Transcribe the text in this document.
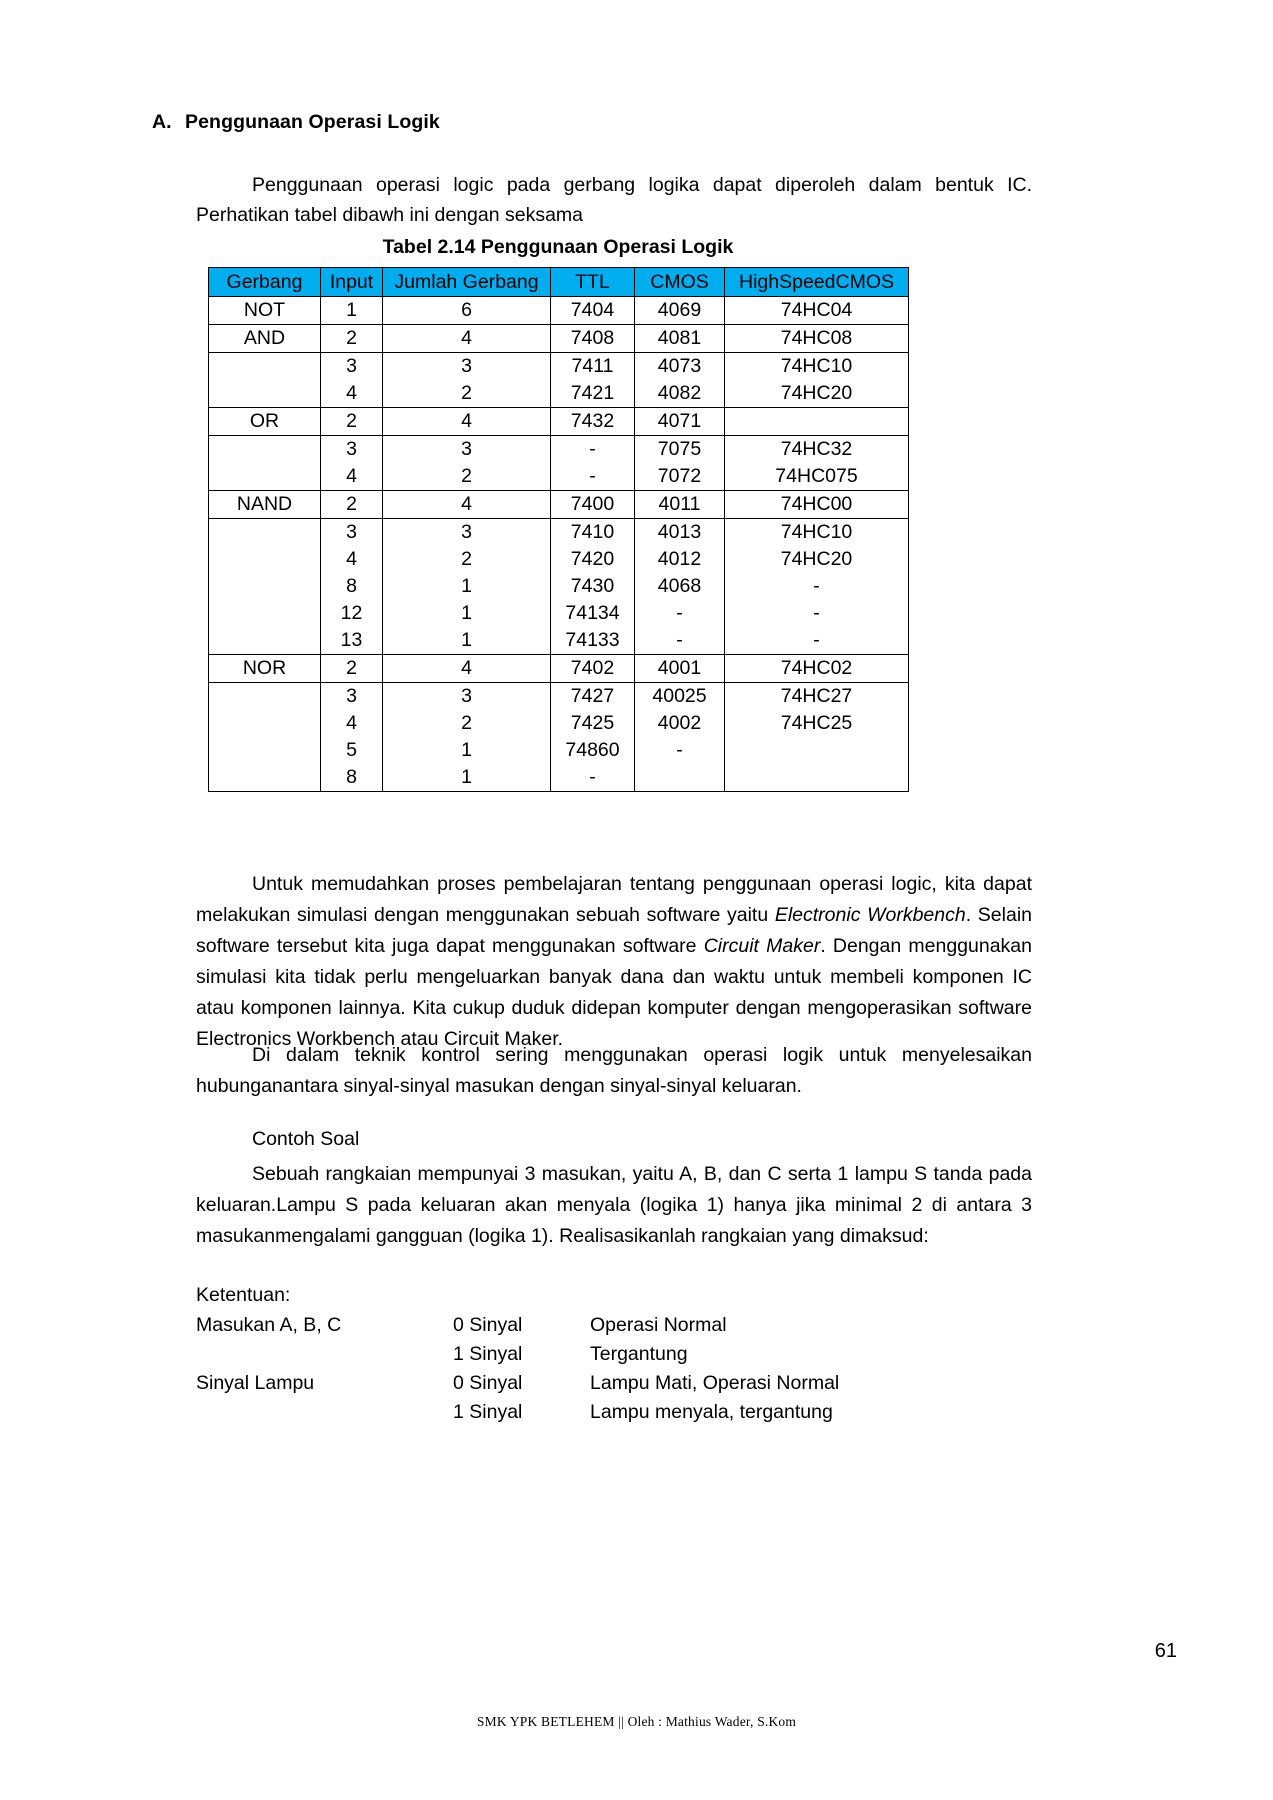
A. Penggunaan Operasi Logik
Penggunaan operasi logic pada gerbang logika dapat diperoleh dalam bentuk IC. Perhatikan tabel dibawh ini dengan seksama
Tabel 2.14 Penggunaan Operasi Logik
Gerbang	Input	Jumlah Gerbang	TTL	CMOS	HighSpeedCMOS
NOT	1	6	7404	4069	74HC04
AND	2	4	7408	4081	74HC08
	3	3	7411	4073	74HC10
	4	2	7421	4082	74HC20
OR	2	4	7432	4071	
	3	3	-	7075	74HC32
	4	2	-	7072	74HC075
NAND	2	4	7400	4011	74HC00
	3	3	7410	4013	74HC10
	4	2	7420	4012	74HC20
	8	1	7430	4068	-
	12	1	74134	-	-
	13	1	74133	-	-
NOR	2	4	7402	4001	74HC02
	3	3	7427	40025	74HC27
	4	2	7425	4002	74HC25
	5	1	74860	-	
	8	1	-		
Untuk memudahkan proses pembelajaran tentang penggunaan operasi logic, kita dapat melakukan simulasi dengan menggunakan sebuah software yaitu Electronic Workbench. Selain software tersebut kita juga dapat menggunakan software Circuit Maker. Dengan menggunakan simulasi kita tidak perlu mengeluarkan banyak dana dan waktu untuk membeli komponen IC atau komponen lainnya. Kita cukup duduk didepan komputer dengan mengoperasikan software Electronics Workbench atau Circuit Maker.
Di dalam teknik kontrol sering menggunakan operasi logik untuk menyelesaikan hubunganantara sinyal-sinyal masukan dengan sinyal-sinyal keluaran.
Contoh Soal
Sebuah rangkaian mempunyai 3 masukan, yaitu A, B, dan C serta 1 lampu S tanda pada keluaran.Lampu S pada keluaran akan menyala (logika 1) hanya jika minimal 2 di antara 3 masukanmengalami gangguan (logika 1). Realisasikanlah rangkaian yang dimaksud:
Ketentuan:
Masukan A, B, C	0 Sinyal	Operasi Normal
	1 Sinyal	Tergantung
Sinyal Lampu	0 Sinyal	Lampu Mati, Operasi Normal
	1 Sinyal	Lampu menyala, tergantung
61
SMK YPK BETLEHEM || Oleh : Mathius Wader, S.Kom
